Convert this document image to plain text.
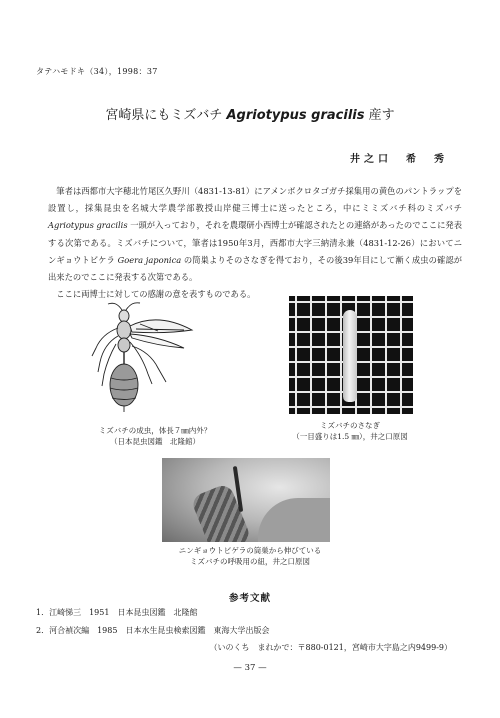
タテハモドキ（34），1998：37
宮崎県にもミズバチ Agriotypus gracilis 産す
井之口　希　秀

筆者は西都市大字穂北竹尾区久野川（4831-13-81）にアメンボクロタゴガチ採集用の黄色のパントラップを設置し，採集昆虫を名城大学農学部教授山岸健三博士に送ったところ，中にミミズバチ科のミズバチ Agriotypus gracilis 一頭が入っており，それを農環研小西博士が確認されたとの連絡があったのでここに発表する次第である。ミズバチについて，筆者は1950年3月，西都市大字三納清永兼（4831-12-26）においてニンギョウトビケラ Goera japonica の筒巣よりそのさなぎを得ており，その後39年目にして漸く成虫の確認が出来たのでここに発表する次第である。

ここに両博士に対しての感謝の意を表すものである。

ミズバチの成虫，体長７㎜内外？
（日本昆虫図鑑　北隆館）
ミズバチのさなぎ
（一目盛りは1.5 ㎜），井之口原図
ニンギョウトビゲラの筒巣から伸びている
ミズバチの呼吸用の紐，井之口原図
参考文献
1．江崎悌三　1951　日本昆虫図鑑　北隆館
2．河合禎次編　1985　日本水生昆虫検索図鑑　東海大学出版会
（いのくち　まれかで：〒880-0121，宮崎市大字島之内9499-9）
— 37 —
